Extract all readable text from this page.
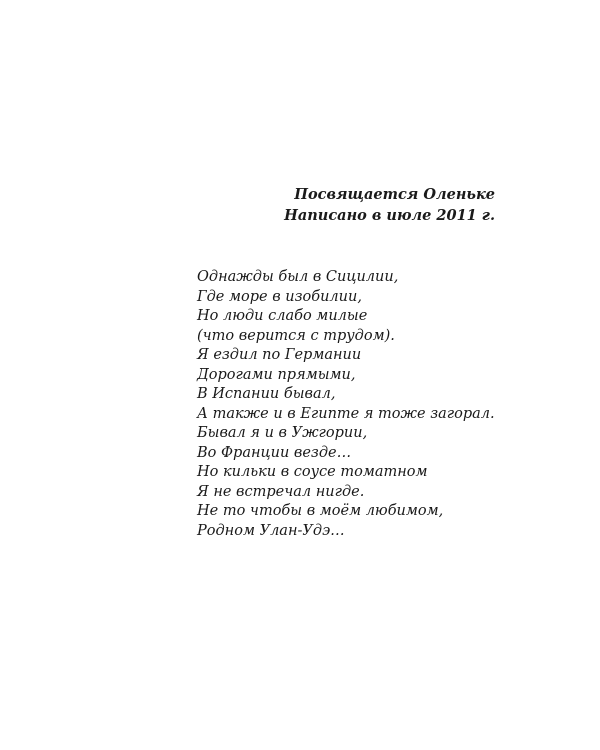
Посвящается Оленьке
Написано в июле 2011 г.
Однажды был в Сицилии,
Где море в изобилии,
Но люди слабо милые
(что верится с трудом).
Я ездил по Германии
Дорогами прямыми,
В Испании бывал,
А также и в Египте я тоже загорал.
Бывал я и в Ужгории,
Во Франции везде…
Но кильки в соусе томатном
Я не встречал нигде.
Не то чтобы в моём любимом,
Родном Улан-Удэ…
